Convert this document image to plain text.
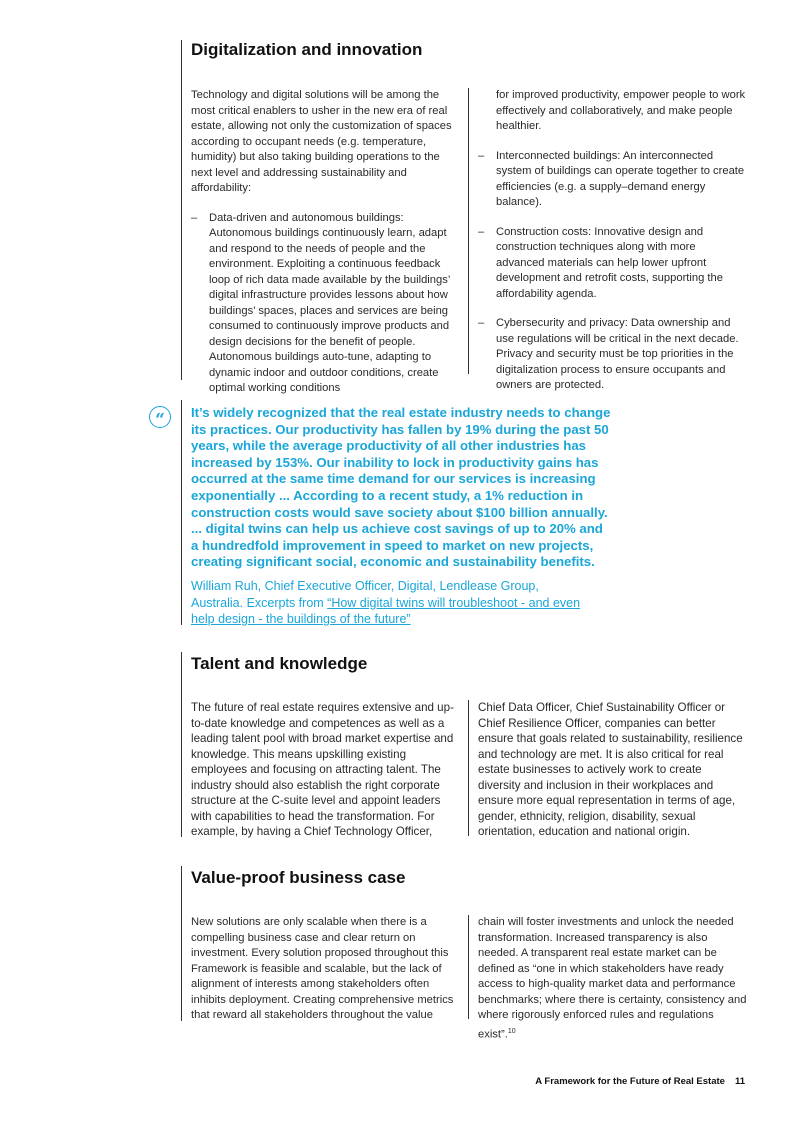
Digitalization and innovation

Technology and digital solutions will be among the most critical enablers to usher in the new era of real estate, allowing not only the customization of spaces according to occupant needs (e.g. temperature, humidity) but also taking building operations to the next level and addressing sustainability and affordability:

– Data-driven and autonomous buildings: Autonomous buildings continuously learn, adapt and respond to the needs of people and the environment. Exploiting a continuous feedback loop of rich data made available by the buildings’ digital infrastructure provides lessons about how buildings’ spaces, places and services are being consumed to continuously improve products and design decisions for the benefit of people. Autonomous buildings auto-tune, adapting to dynamic indoor and outdoor conditions, create optimal working conditions

for improved productivity, empower people to work effectively and collaboratively, and make people healthier.

– Interconnected buildings: An interconnected system of buildings can operate together to create efficiencies (e.g. a supply–demand energy balance).
– Construction costs: Innovative design and construction techniques along with more advanced materials can help lower upfront development and retrofit costs, supporting the affordability agenda.
– Cybersecurity and privacy: Data ownership and use regulations will be critical in the next decade. Privacy and security must be top priorities in the digitalization process to ensure occupants and owners are protected.
“	It’s widely recognized that the real estate industry needs to change its practices. Our productivity has fallen by 19% during the past 50 years, while the average productivity of all other industries has increased by 153%. Our inability to lock in productivity gains has occurred at the same time demand for our services is increasing exponentially ... According to a recent study, a 1% reduction in construction costs would save society about $100 billion annually. ... digital twins can help us achieve cost savings of up to 20% and a hundredfold improvement in speed to market on new projects, creating significant social, economic and sustainability benefits.
William Ruh, Chief Executive Officer, Digital, Lendlease Group, Australia. Excerpts from “How digital twins will troubleshoot - and even help design - the buildings of the future”
Talent and knowledge

The future of real estate requires extensive and up-to-date knowledge and competences as well as a leading talent pool with broad market expertise and knowledge. This means upskilling existing employees and focusing on attracting talent. The industry should also establish the right corporate structure at the C-suite level and appoint leaders with capabilities to head the transformation. For example, by having a Chief Technology Officer,

Chief Data Officer, Chief Sustainability Officer or Chief Resilience Officer, companies can better ensure that goals related to sustainability, resilience and technology are met. It is also critical for real estate businesses to actively work to create diversity and inclusion in their workplaces and ensure more equal representation in terms of age, gender, ethnicity, religion, disability, sexual orientation, education and national origin.

Value-proof business case

New solutions are only scalable when there is a compelling business case and clear return on investment. Every solution proposed throughout this Framework is feasible and scalable, but the lack of alignment of interests among stakeholders often inhibits deployment. Creating comprehensive metrics that reward all stakeholders throughout the value

chain will foster investments and unlock the needed transformation. Increased transparency is also needed. A transparent real estate market can be defined as “one in which stakeholders have ready access to high-quality market data and performance benchmarks; where there is certainty, consistency and where rigorously enforced rules and regulations exist”.$^{10}$

A Framework for the Future of Real Estate 11
